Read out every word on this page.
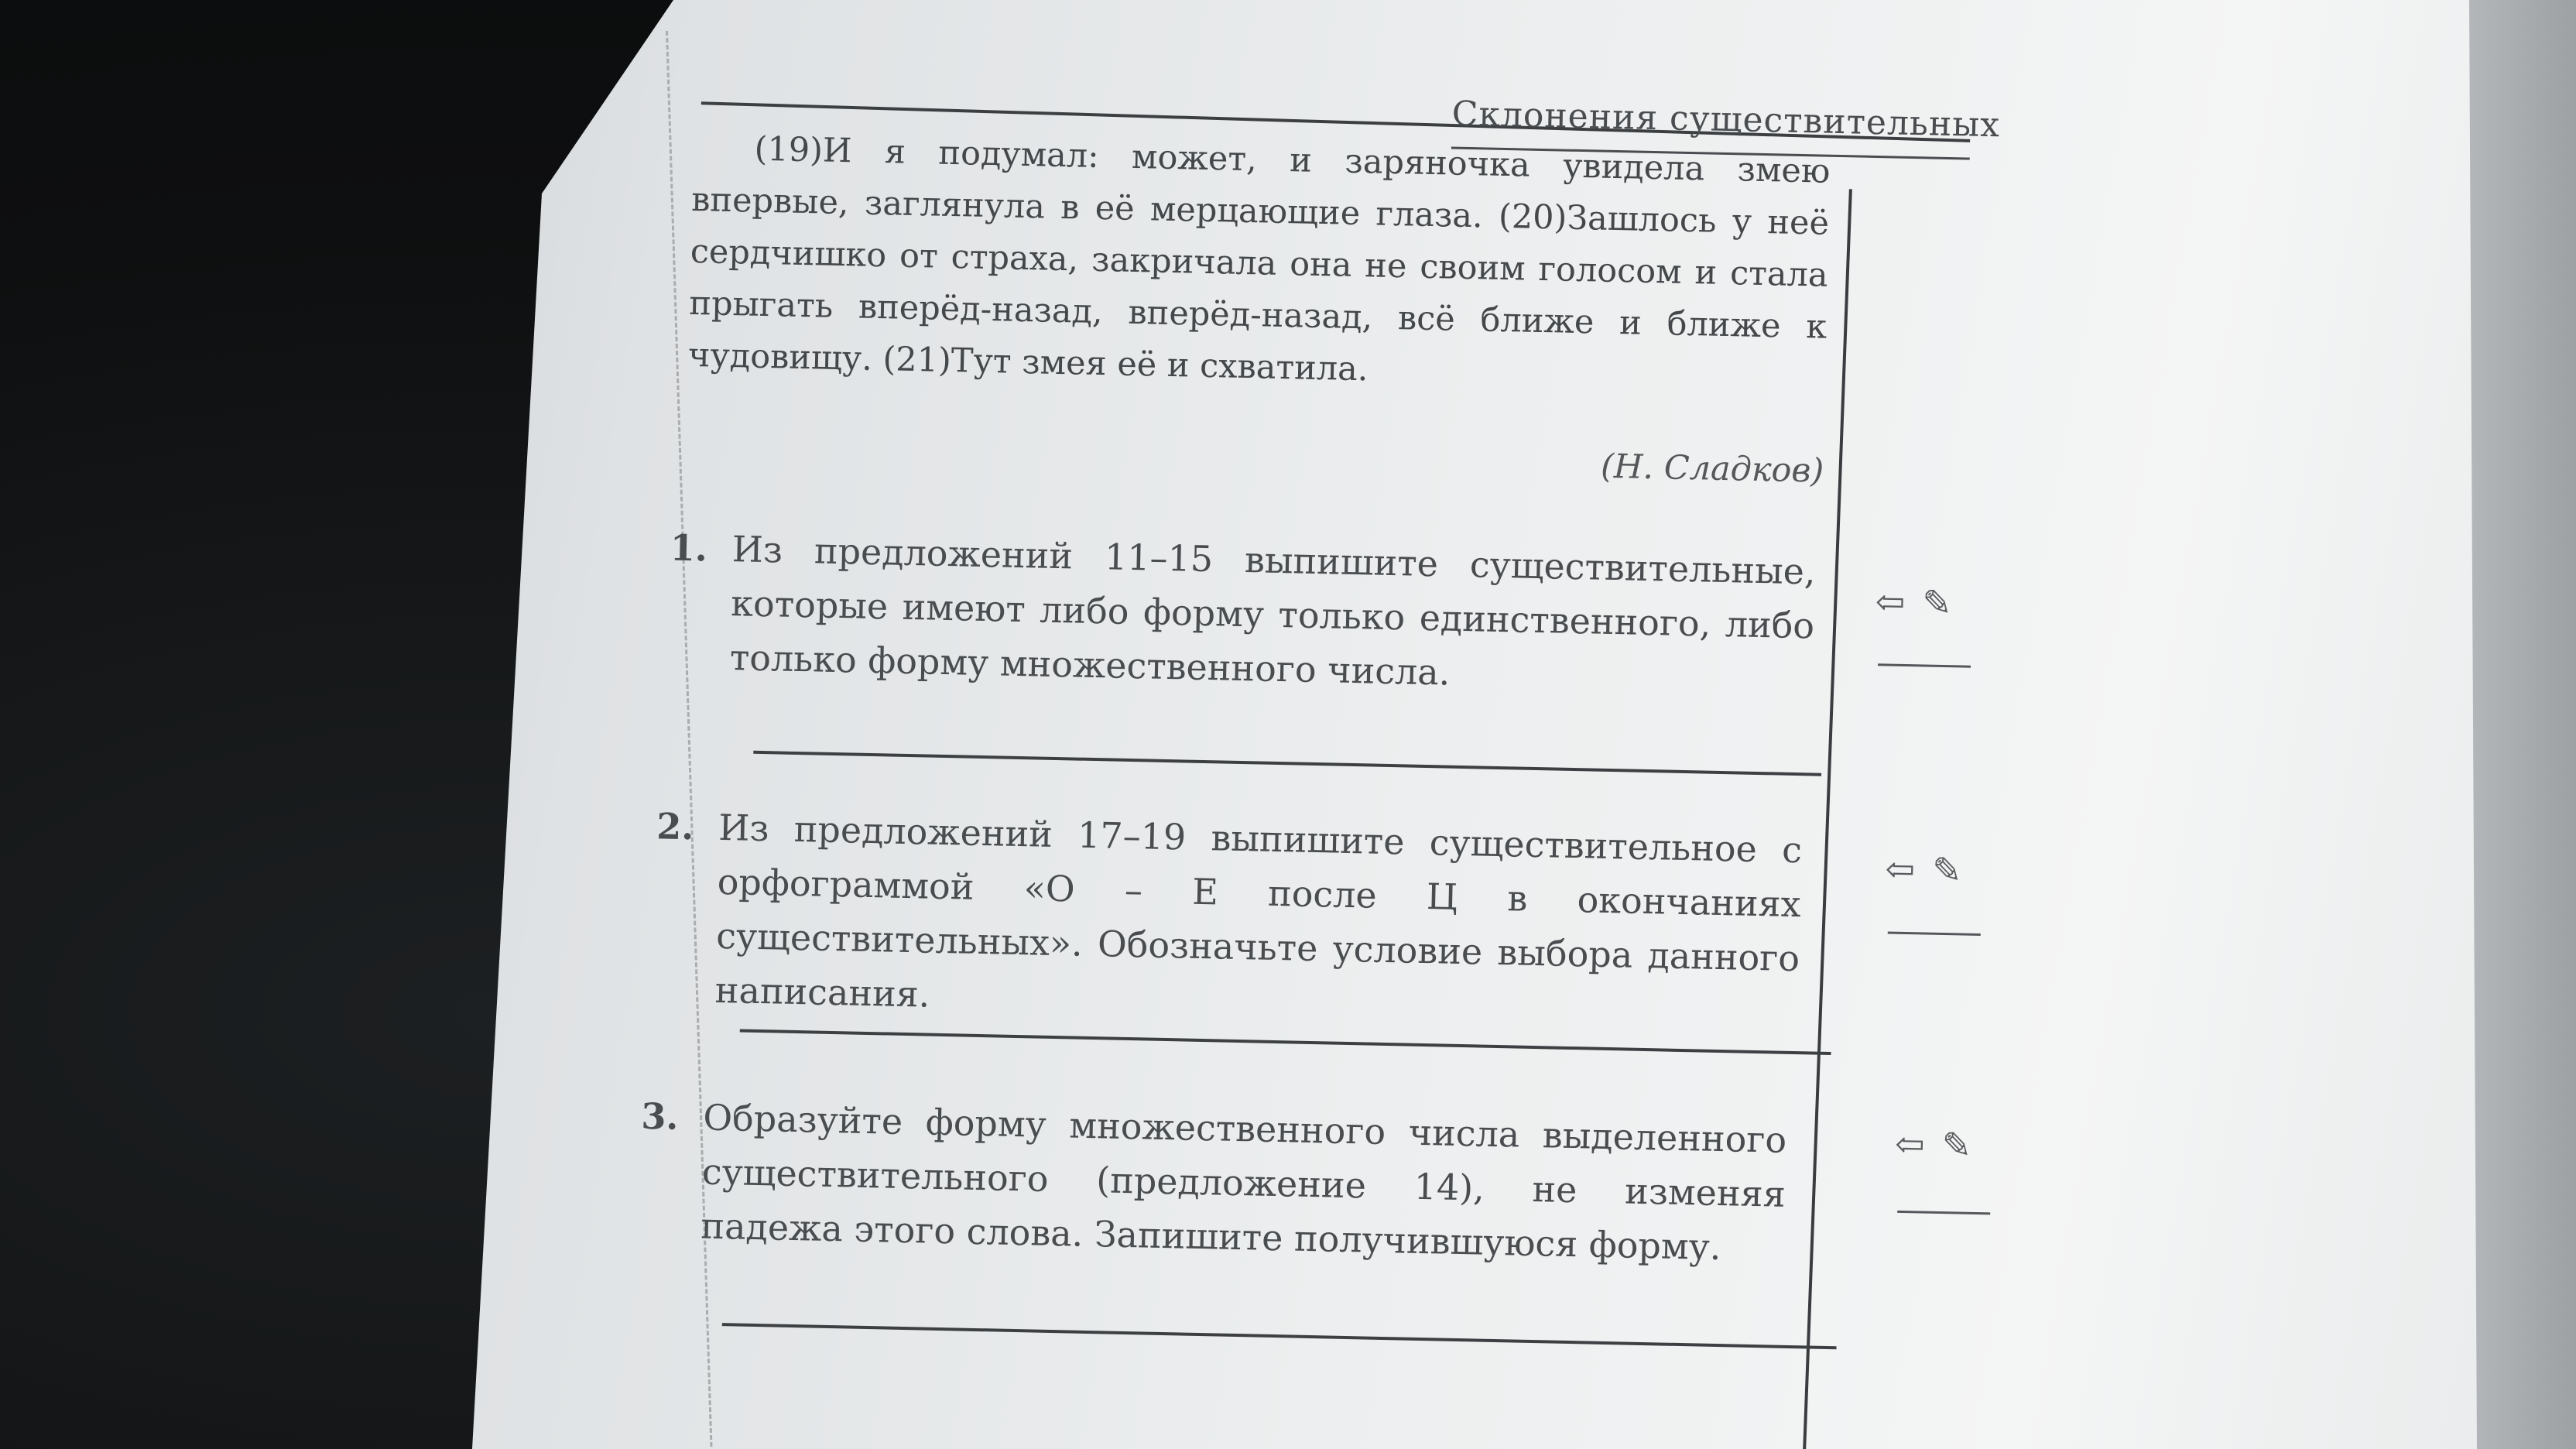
Склонения существительных
(19)И я подумал: может, и заряночка увидела змею впервые, заглянула в её мерцающие глаза. (20)Зашлось у неё сердчишко от страха, закричала она не своим голосом и стала прыгать вперёд-назад, вперёд-назад, всё ближе и ближе к чудовищу. (21)Тут змея её и схватила.
(Н. Сладков)
1. Из предложений 11–15 выпишите существительные, которые имеют либо форму только единственного, либо только форму множественного числа.
⇦✎
2. Из предложений 17–19 выпишите существительное с орфограммой «О – Е после Ц в окончаниях существительных». Обозначьте условие выбора данного написания.
⇦✎
3. Образуйте форму множественного числа выделенного существительного (предложение 14), не изменяя падежа этого слова. Запишите получившуюся форму.
⇦✎
